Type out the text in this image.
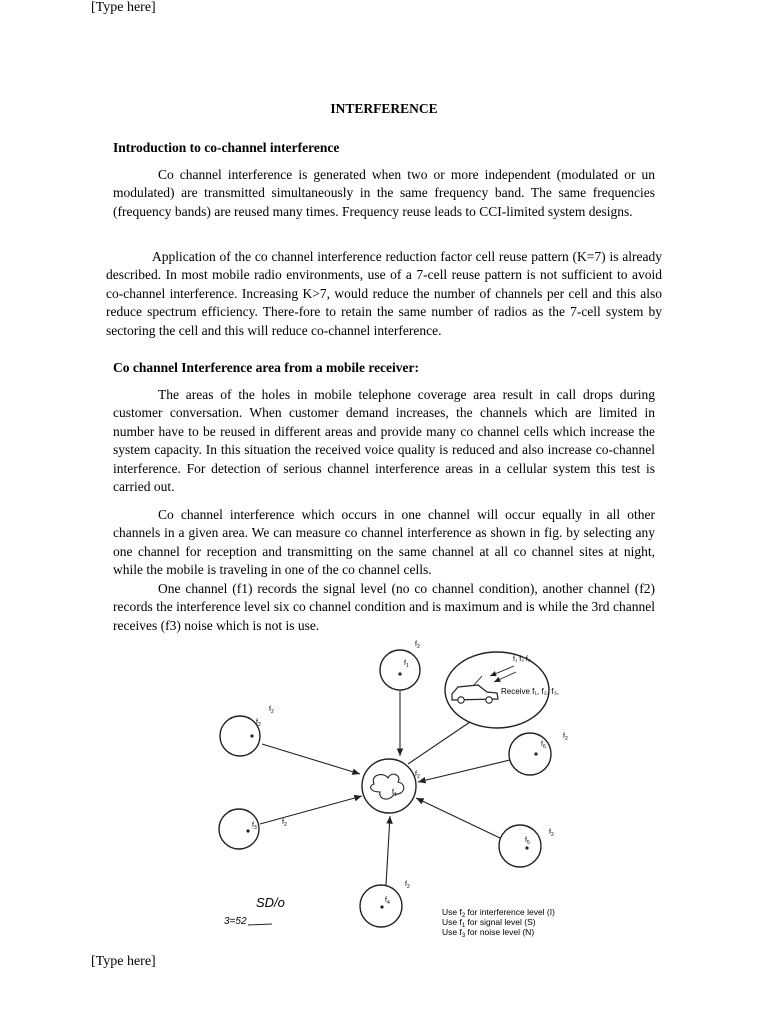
[Type here]
INTERFERENCE
Introduction to co-channel interference

Co channel interference is generated when two or more independent (modulated or un modulated) are transmitted simultaneously in the same frequency band. The same frequencies (frequency bands) are reused many times. Frequency reuse leads to CCI-limited system designs.

Application of the co channel interference reduction factor cell reuse pattern (K=7) is already described. In most mobile radio environments, use of a 7-cell reuse pattern is not sufficient to avoid co-channel interference. Increasing K>7, would reduce the number of channels per cell and this also reduce spectrum efficiency. There-fore to retain the same number of radios as the 7-cell system by sectoring the cell and this will reduce co-channel interference.

Co channel Interference area from a mobile receiver:

The areas of the holes in mobile telephone coverage area result in call drops during customer conversation. When customer demand increases, the channels which are limited in number have to be reused in different areas and provide many co channel cells which increase the system capacity. In this situation the received voice quality is reduced and also increase co-channel interference. For detection of serious channel interference areas in a cellular system this test is carried out.

Co channel interference which occurs in one channel will occur equally in all other channels in a given area. We can measure co channel interference as shown in fig. by selecting any one channel for reception and transmitting on the same channel at all co channel sites at night, while the mobile is traveling in one of the co channel cells.

One channel (f1) records the signal level (no co channel condition), another channel (f2) records the interference level six co channel condition and is maximum and is while the 3rd channel receives (f3) noise which is not is use.

$f_1$
$f_2$
$f_1$
$f_2$
$f_2$
$f_2$
$f_6$
$f_2$
$f_3$
$f_2$
$f_5$
$f_2$
$f_4$
$f_2$
f₁ f₂ f₃
Receive f₁, f₂, f₃,
SD/o
3=52
Use $f_2$ for interference level (I)
Use $f_1$ for signal level (S)
Use $f_3$ for noise level (N)
[Type here]
